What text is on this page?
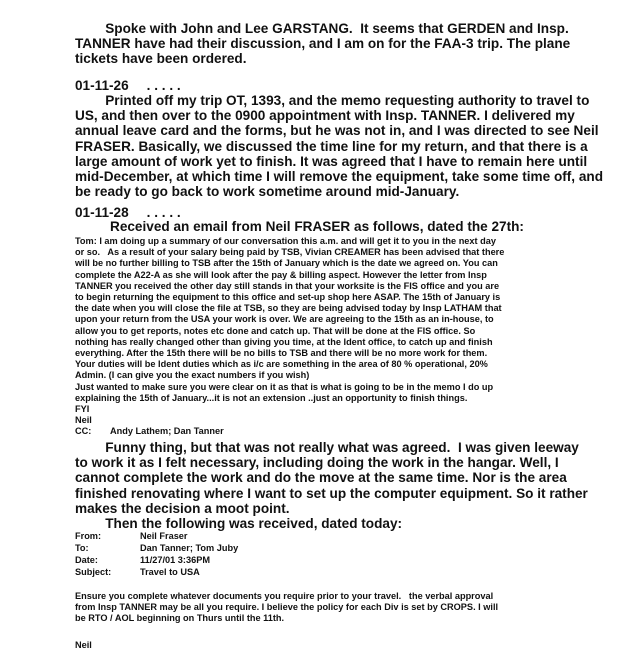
Spoke with John and Lee GARSTANG.  It seems that GERDEN and Insp.
TANNER have had their discussion, and I am on for the FAA-3 trip. The plane
tickets have been ordered.
01-11-26 . . . . .
Printed off my trip OT, 1393, and the memo requesting authority to travel to
US, and then over to the 0900 appointment with Insp. TANNER. I delivered my
annual leave card and the forms, but he was not in, and I was directed to see Neil
FRASER. Basically, we discussed the time line for my return, and that there is a
large amount of work yet to finish. It was agreed that I have to remain here until
mid-December, at which time I will remove the equipment, take some time off, and
be ready to go back to work sometime around mid-January.
01-11-28 . . . . .
Received an email from Neil FRASER as follows, dated the 27th:
Tom: I am doing up a summary of our conversation this a.m. and will get it to you in the next day
or so.   As a result of your salary being paid by TSB, Vivian CREAMER has been advised that there
will be no further billing to TSB after the 15th of January which is the date we agreed on. You can
complete the A22-A as she will look after the pay & billing aspect. However the letter from Insp
TANNER you received the other day still stands in that your worksite is the FIS office and you are
to begin returning the equipment to this office and set-up shop here ASAP. The 15th of January is
the date when you will close the file at TSB, so they are being advised today by Insp LATHAM that
upon your return from the USA your work is over. We are agreeing to the 15th as an in-house, to
allow you to get reports, notes etc done and catch up. That will be done at the FIS office. So
nothing has really changed other than giving you time, at the Ident office, to catch up and finish
everything. After the 15th there will be no bills to TSB and there will be no more work for them.
Your duties will be Ident duties which as i/c are something in the area of 80 % operational, 20%
Admin. (I can give you the exact numbers if you wish)
Just wanted to make sure you were clear on it as that is what is going to be in the memo I do up
explaining the 15th of January...it is not an extension ..just an opportunity to finish things.
FYI
Neil
CC: Andy Lathem; Dan Tanner
Funny thing, but that was not really what was agreed.  I was given leeway
to work it as I felt necessary, including doing the work in the hangar. Well, I
cannot complete the work and do the move at the same time. Nor is the area
finished renovating where I want to set up the computer equipment. So it rather
makes the decision a moot point.
Then the following was received, dated today:
From:	Neil Fraser
To:	Dan Tanner; Tom Juby
Date:	11/27/01 3:36PM
Subject:	Travel to USA
Ensure you complete whatever documents you require prior to your travel.   the verbal approval
from Insp TANNER may be all you require. I believe the policy for each Div is set by CROPS. I will
be RTO / AOL beginning on Thurs until the 11th.
Neil
